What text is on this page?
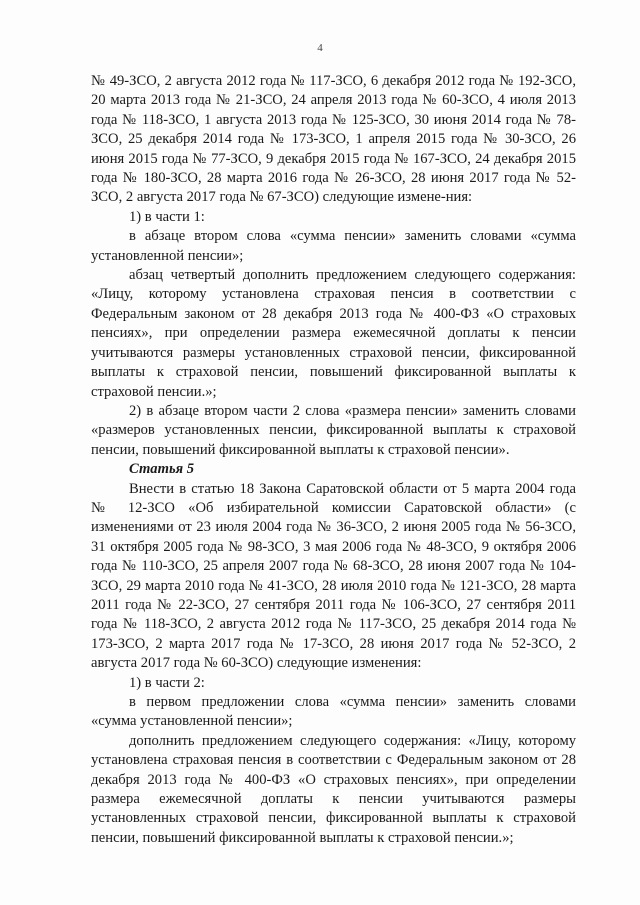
4

№ 49-ЗСО, 2 августа 2012 года № 117-ЗСО, 6 декабря 2012 года № 192-ЗСО, 20 марта 2013 года № 21-ЗСО, 24 апреля 2013 года № 60-ЗСО, 4 июля 2013 года № 118-ЗСО, 1 августа 2013 года № 125-ЗСО, 30 июня 2014 года № 78-ЗСО, 25 декабря 2014 года № 173-ЗСО, 1 апреля 2015 года № 30-ЗСО, 26 июня 2015 года № 77-ЗСО, 9 декабря 2015 года № 167-ЗСО, 24 декабря 2015 года № 180-ЗСО, 28 марта 2016 года № 26-ЗСО, 28 июня 2017 года № 52-ЗСО, 2 августа 2017 года № 67-ЗСО) следующие измене-ния:

1) в части 1:

в абзаце втором слова «сумма пенсии» заменить словами «сумма установленной пенсии»;

абзац четвертый дополнить предложением следующего содержания: «Лицу, которому установлена страховая пенсия в соответствии с Федеральным законом от 28 декабря 2013 года № 400-ФЗ «О страховых пенсиях», при определении размера ежемесячной доплаты к пенсии учитываются размеры установленных страховой пенсии, фиксированной выплаты к страховой пенсии, повышений фиксированной выплаты к страховой пенсии.»;

2) в абзаце втором части 2 слова «размера пенсии» заменить словами «размеров установленных пенсии, фиксированной выплаты к страховой пенсии, повышений фиксированной выплаты к страховой пенсии».

Статья 5

Внести в статью 18 Закона Саратовской области от 5 марта 2004 года № 12-ЗСО «Об избирательной комиссии Саратовской области» (с изменениями от 23 июля 2004 года № 36-ЗСО, 2 июня 2005 года № 56-ЗСО, 31 октября 2005 года № 98-ЗСО, 3 мая 2006 года № 48-ЗСО, 9 октября 2006 года № 110-ЗСО, 25 апреля 2007 года № 68-ЗСО, 28 июня 2007 года № 104-ЗСО, 29 марта 2010 года № 41-ЗСО, 28 июля 2010 года № 121-ЗСО, 28 марта 2011 года № 22-ЗСО, 27 сентября 2011 года № 106-ЗСО, 27 сентября 2011 года № 118-ЗСО, 2 августа 2012 года № 117-ЗСО, 25 декабря 2014 года № 173-ЗСО, 2 марта 2017 года № 17-ЗСО, 28 июня 2017 года № 52-ЗСО, 2 августа 2017 года № 60-ЗСО) следующие изменения:

1) в части 2:

в первом предложении слова «сумма пенсии» заменить словами «сумма установленной пенсии»;

дополнить предложением следующего содержания: «Лицу, которому установлена страховая пенсия в соответствии с Федеральным законом от 28 декабря 2013 года № 400-ФЗ «О страховых пенсиях», при определении размера ежемесячной доплаты к пенсии учитываются размеры установленных страховой пенсии, фиксированной выплаты к страховой пенсии, повышений фиксированной выплаты к страховой пенсии.»;
